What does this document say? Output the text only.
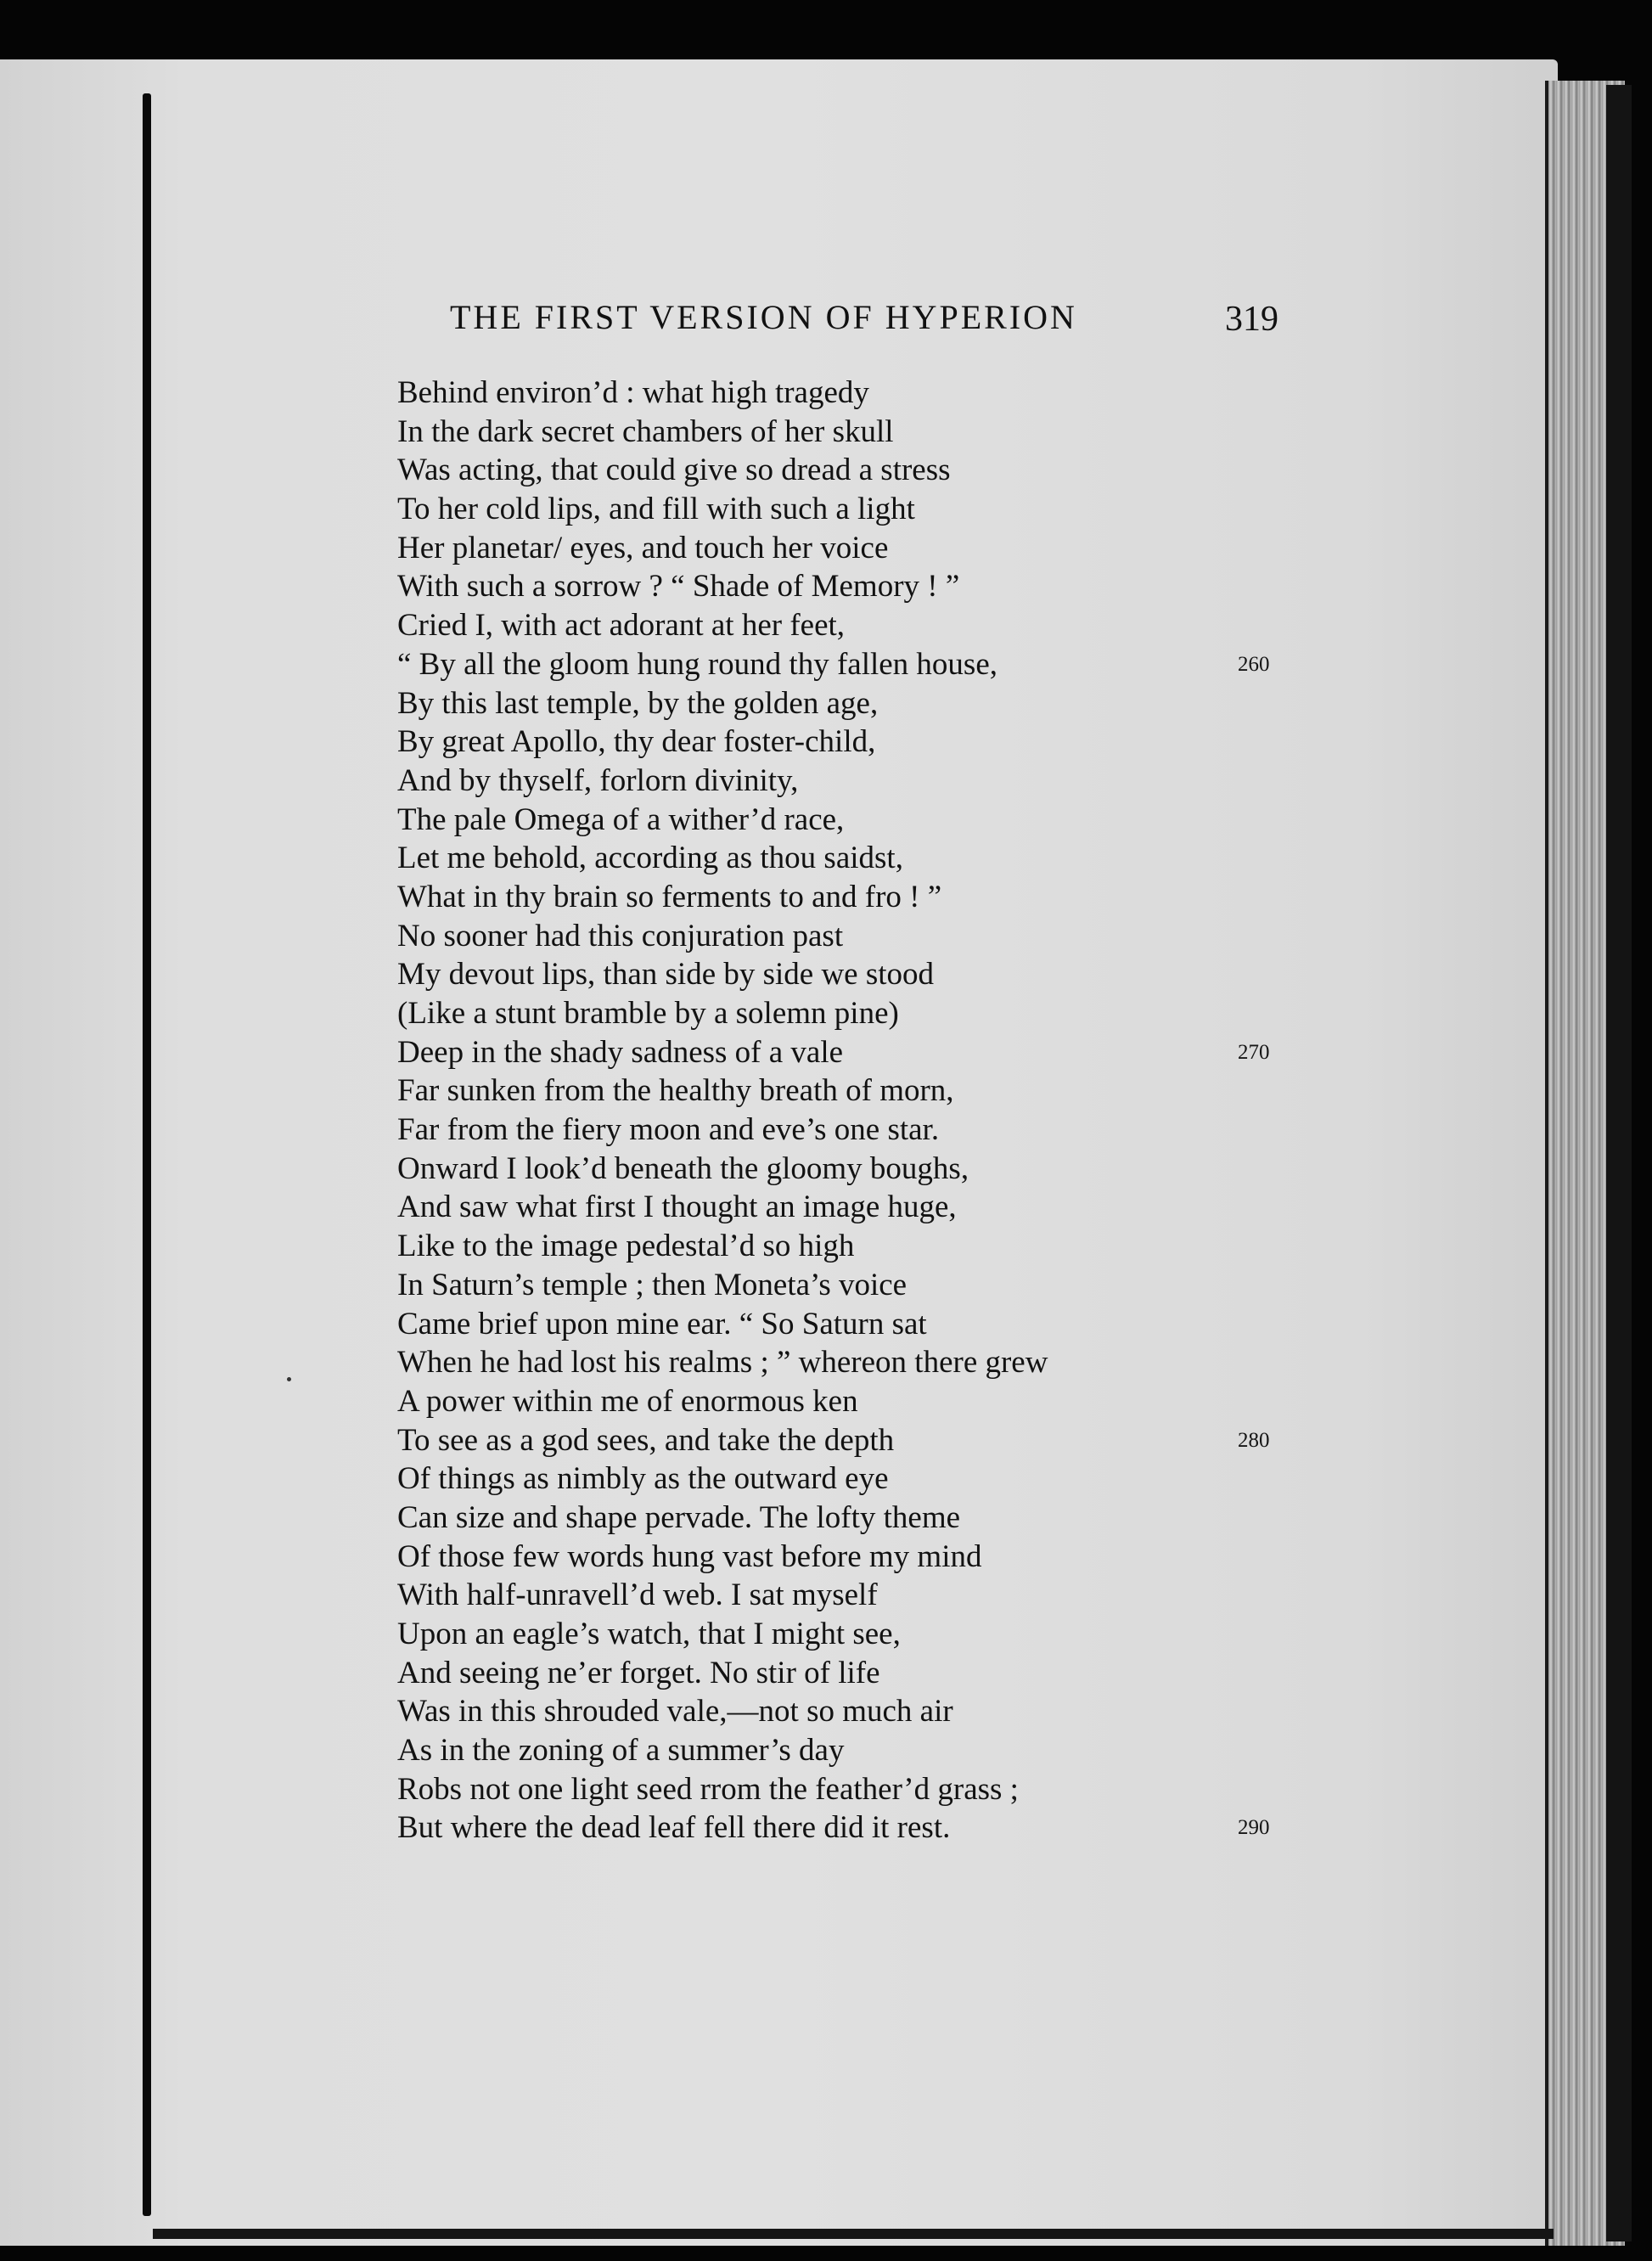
THE FIRST VERSION OF HYPERION	319
Behind environ’d : what high tragedy
In the dark secret chambers of her skull
Was acting, that could give so dread a stress
To her cold lips, and fill with such a light
Her planetar/ eyes, and touch her voice
With such a sorrow ? “ Shade of Memory ! ”
Cried I, with act adorant at her feet,
“ By all the gloom hung round thy fallen house,	260
By this last temple, by the golden age,
By great Apollo, thy dear foster-child,
And by thyself, forlorn divinity,
The pale Omega of a wither’d race,
Let me behold, according as thou saidst,
What in thy brain so ferments to and fro ! ”
No sooner had this conjuration past
My devout lips, than side by side we stood
(Like a stunt bramble by a solemn pine)
Deep in the shady sadness of a vale	270
Far sunken from the healthy breath of morn,
Far from the fiery moon and eve’s one star.
Onward I look’d beneath the gloomy boughs,
And saw what first I thought an image huge,
Like to the image pedestal’d so high
In Saturn’s temple ; then Moneta’s voice
Came brief upon mine ear. “ So Saturn sat
When he had lost his realms ; ” whereon there grew
A power within me of enormous ken
To see as a god sees, and take the depth	280
Of things as nimbly as the outward eye
Can size and shape pervade. The lofty theme
Of those few words hung vast before my mind
With half-unravell’d web. I sat myself
Upon an eagle’s watch, that I might see,
And seeing ne’er forget. No stir of life
Was in this shrouded vale,—not so much air
As in the zoning of a summer’s day
Robs not one light seed rrom the feather’d grass ;
But where the dead leaf fell there did it rest.	290
